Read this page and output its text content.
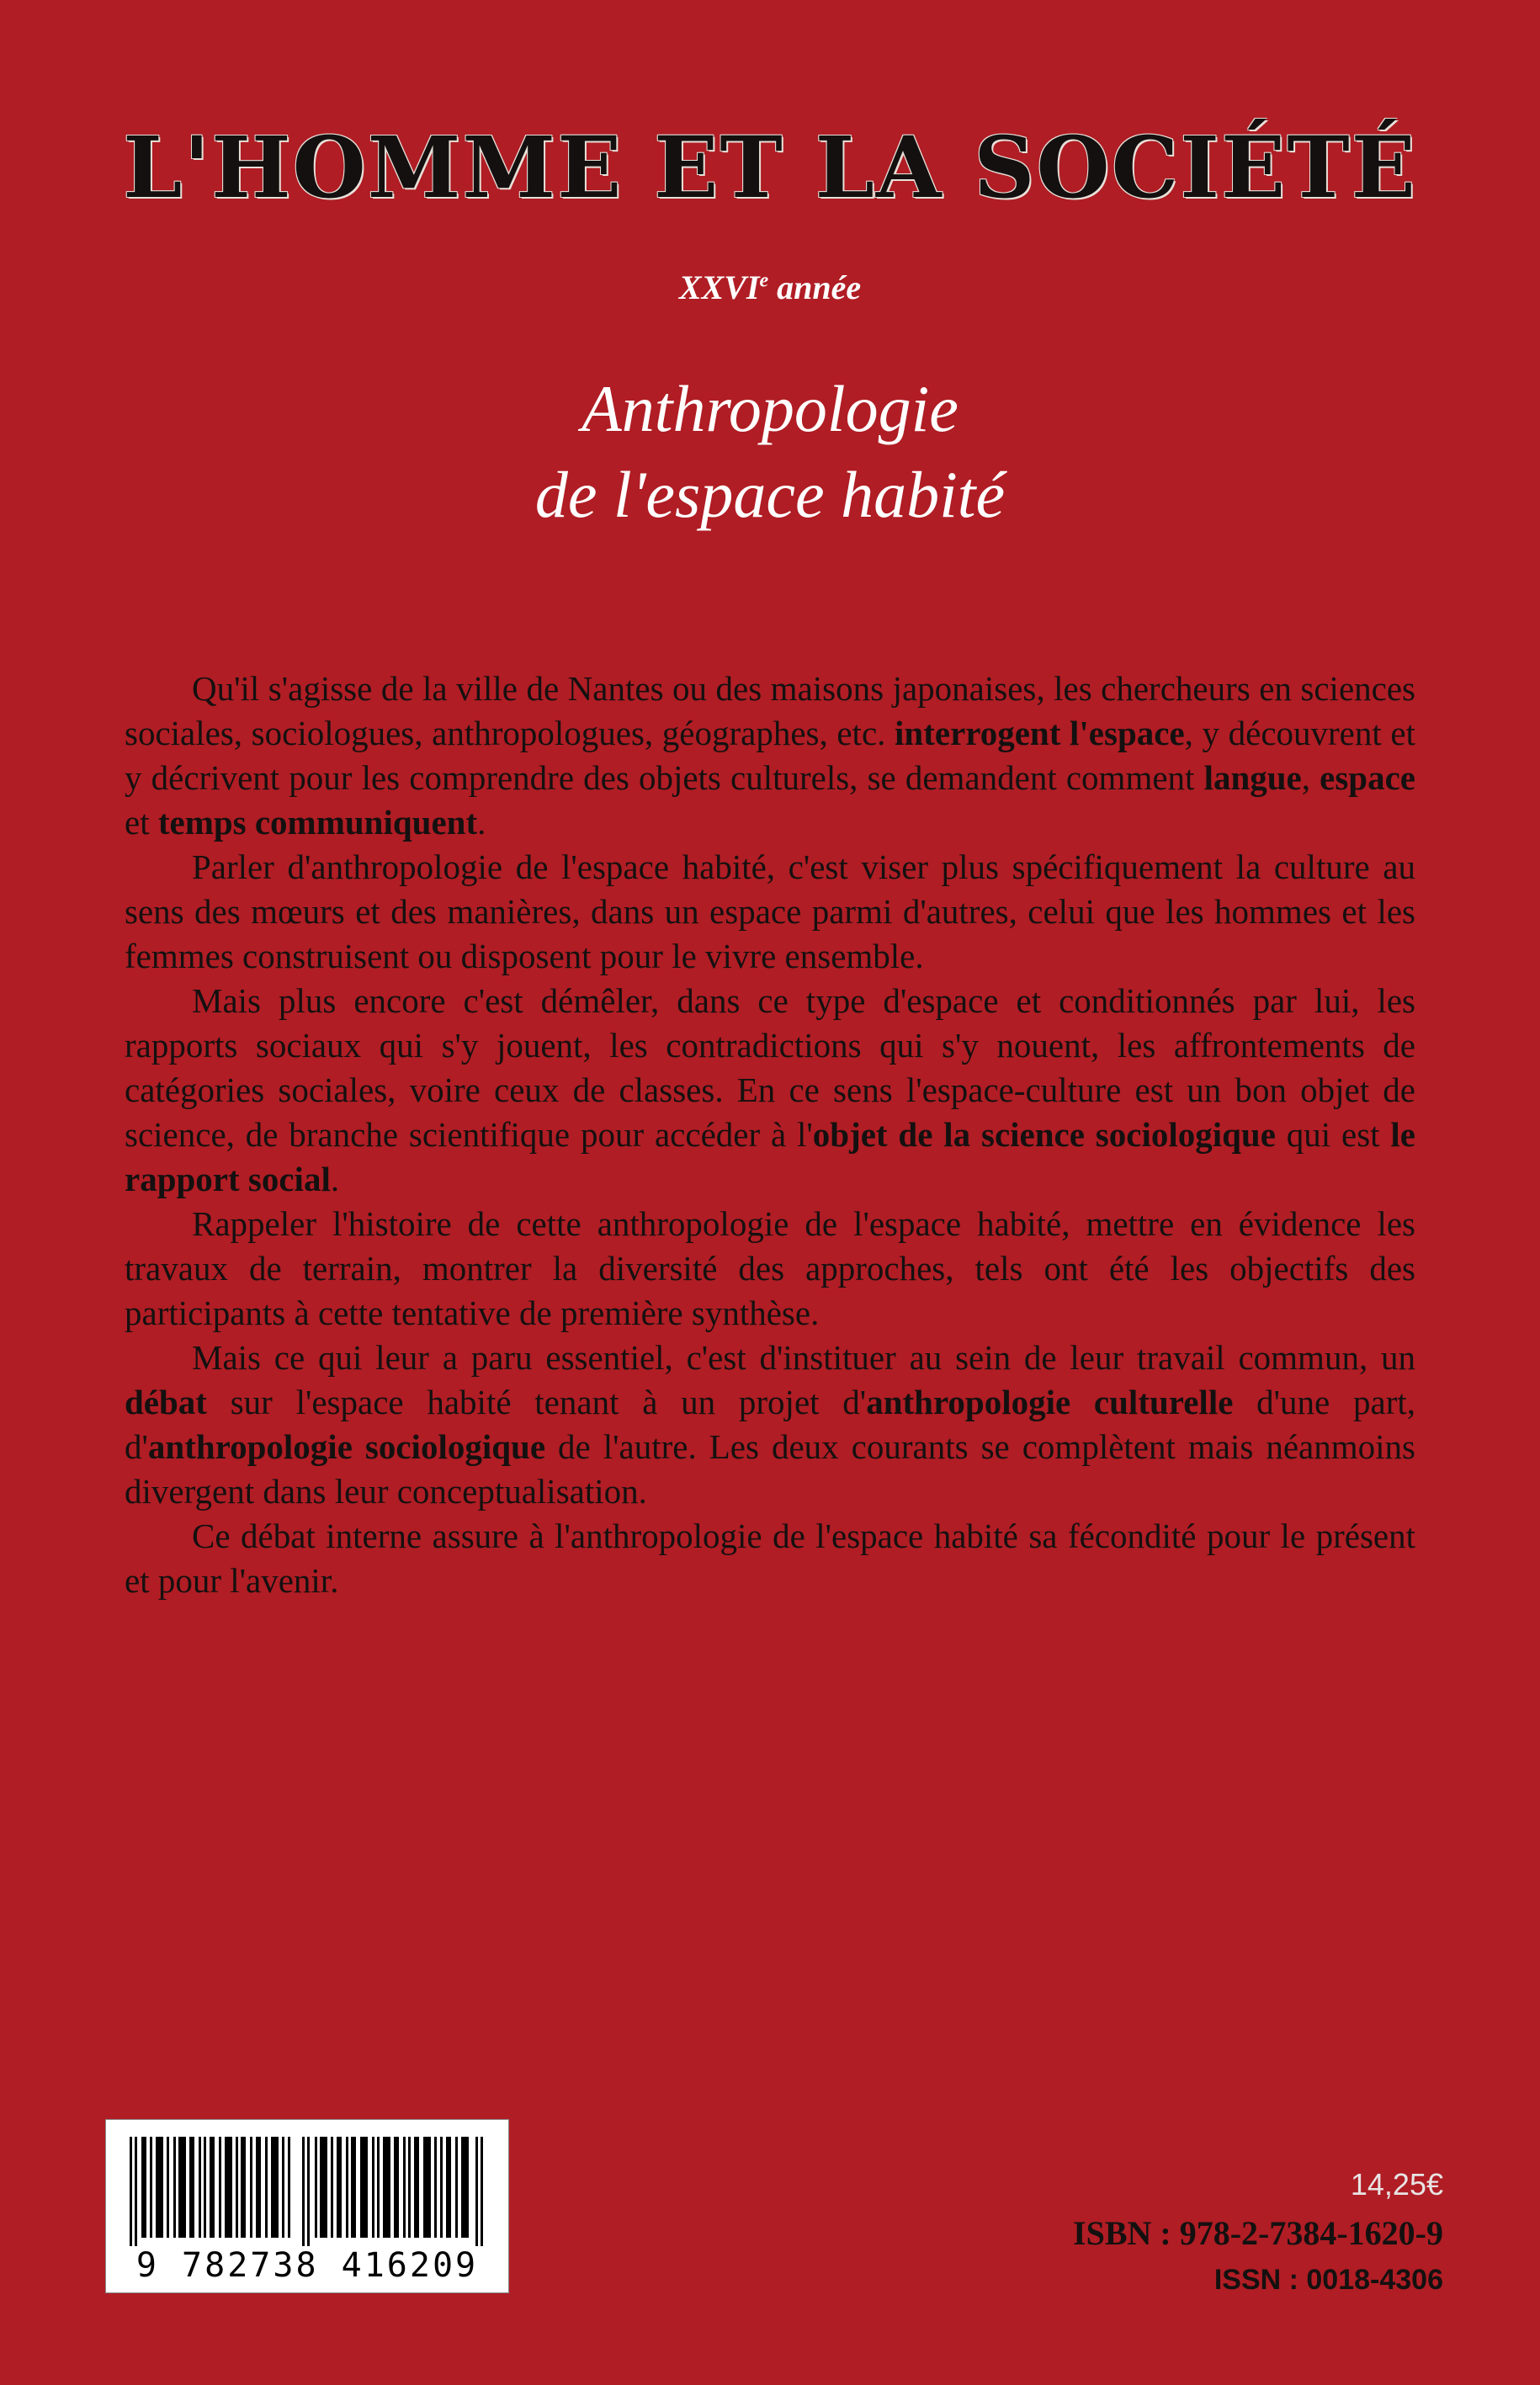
L'HOMME ET LA SOCIÉTÉ
XXVIe année
Anthropologie
de l'espace habité

Qu'il s'agisse de la ville de Nantes ou des maisons japonaises, les chercheurs en sciences sociales, sociologues, anthropologues, géographes, etc. interrogent l'espace, y découvrent et y décrivent pour les comprendre des objets culturels, se demandent comment langue, espace et temps communiquent.

Parler d'anthropologie de l'espace habité, c'est viser plus spécifiquement la culture au sens des mœurs et des manières, dans un espace parmi d'autres, celui que les hommes et les femmes construisent ou disposent pour le vivre ensemble.

Mais plus encore c'est démêler, dans ce type d'espace et conditionnés par lui, les rapports sociaux qui s'y jouent, les contradictions qui s'y nouent, les affrontements de catégories sociales, voire ceux de classes. En ce sens l'espace-culture est un bon objet de science, de branche scientifique pour accéder à l'objet de la science sociologique qui est le rapport social.

Rappeler l'histoire de cette anthropologie de l'espace habité, mettre en évidence les travaux de terrain, montrer la diversité des approches, tels ont été les objectifs des participants à cette tentative de première synthèse.

Mais ce qui leur a paru essentiel, c'est d'instituer au sein de leur travail commun, un débat sur l'espace habité tenant à un projet d'anthropologie culturelle d'une part, d'anthropologie sociologique de l'autre. Les deux courants se complètent mais néanmoins divergent dans leur conceptualisation.

Ce débat interne assure à l'anthropologie de l'espace habité sa fécondité pour le présent et pour l'avenir.

9 782738 416209
14,25€
ISBN : 978-2-7384-1620-9
ISSN : 0018-4306
